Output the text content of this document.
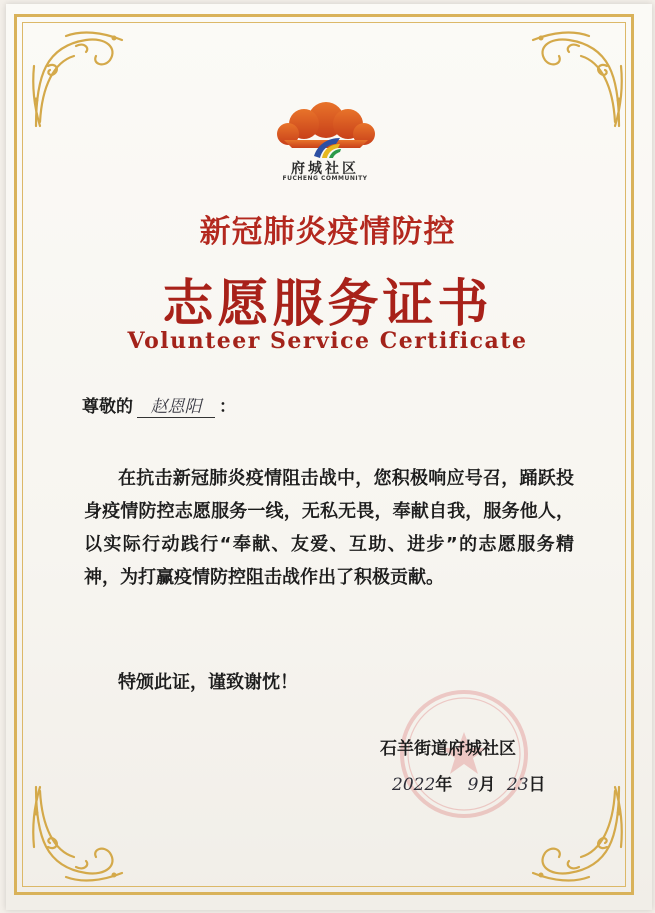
府城社区
FUCHENG COMMUNITY
新冠肺炎疫情防控
志愿服务证书
Volunteer Service Certificate
尊敬的 赵恩阳 ：
在抗击新冠肺炎疫情阻击战中，您积极响应号召，踊跃投身疫情防控志愿服务一线，无私无畏，奉献自我，服务他人，以实际行动践行“奉献、友爱、互助、进步”的志愿服务精神，为打赢疫情防控阻击战作出了积极贡献。
特颁此证，谨致谢忱！
石羊街道府城社区
2022年 9月 23日
